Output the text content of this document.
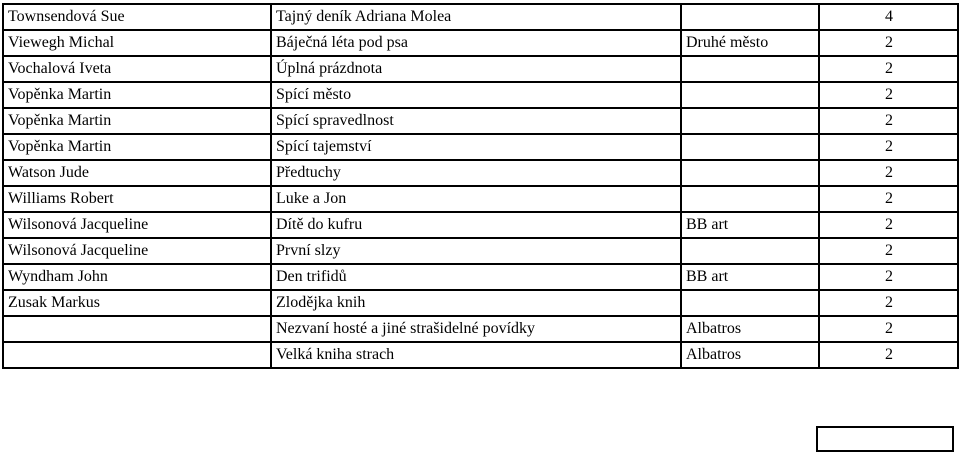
Townsendová Sue	Tajný deník Adriana Molea		4
Viewegh Michal	Báječná léta pod psa	Druhé město	2
Vochalová Iveta	Úplná prázdnota		2
Vopěnka Martin	Spící město		2
Vopěnka Martin	Spící spravedlnost		2
Vopěnka Martin	Spící tajemství		2
Watson Jude	Předtuchy		2
Williams Robert	Luke a Jon		2
Wilsonová Jacqueline	Dítě do kufru	BB art	2
Wilsonová Jacqueline	První slzy		2
Wyndham John	Den trifidů	BB art	2
Zusak Markus	Zlodějka knih		2
	Nezvaní hosté a jiné strašidelné povídky	Albatros	2
	Velká kniha strach	Albatros	2
